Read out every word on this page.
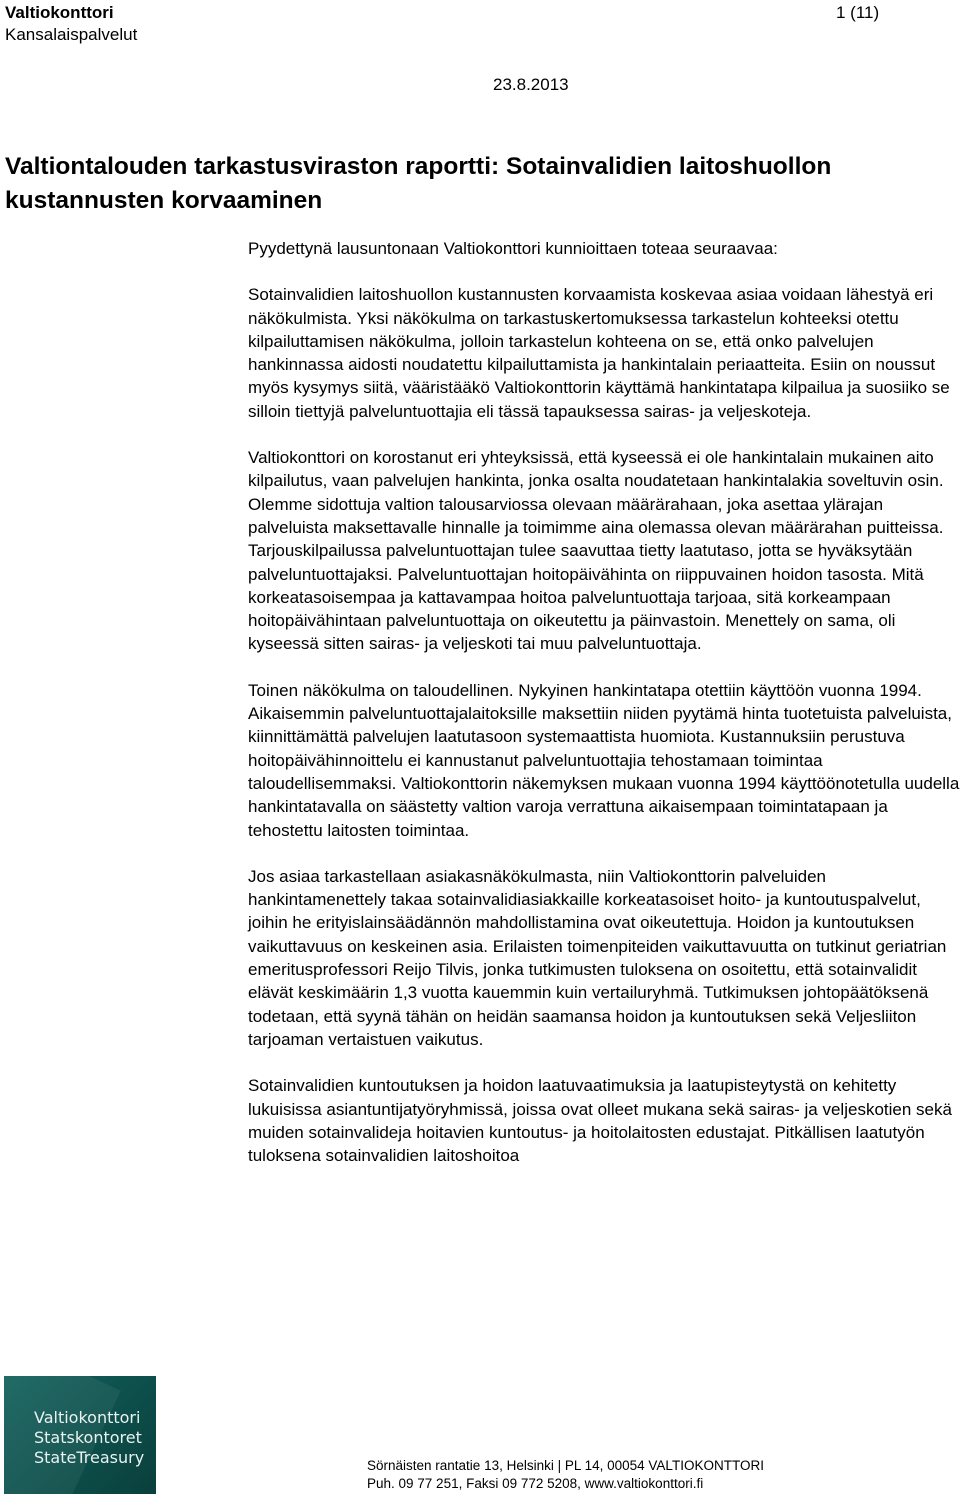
Valtiokonttori
Kansalaispalvelut
1 (11)
23.8.2013
Valtiontalouden tarkastusviraston raportti: Sotainvalidien laitoshuollon kustannusten korvaaminen

Pyydettynä lausuntonaan Valtiokonttori kunnioittaen toteaa seuraavaa:

Sotainvalidien laitoshuollon kustannusten korvaamista koskevaa asiaa voidaan lähestyä eri näkökulmista. Yksi näkökulma on tarkastuskertomuksessa tarkastelun kohteeksi otettu kilpailuttamisen näkökulma, jolloin tarkastelun kohteena on se, että onko palvelujen hankinnassa aidosti noudatettu kilpailuttamista ja hankintalain periaatteita. Esiin on noussut myös kysymys siitä, vääristääkö Valtiokonttorin käyttämä hankintatapa kilpailua ja suosiiko se silloin tiettyjä palveluntuottajia eli tässä tapauksessa sairas- ja veljeskoteja.

Valtiokonttori on korostanut eri yhteyksissä, että kyseessä ei ole hankintalain mukainen aito kilpailutus, vaan palvelujen hankinta, jonka osalta noudatetaan hankintalakia soveltuvin osin. Olemme sidottuja valtion talousarviossa olevaan määrärahaan, joka asettaa ylärajan palveluista maksettavalle hinnalle ja toimimme aina olemassa olevan määrärahan puitteissa. Tarjouskilpailussa palveluntuottajan tulee saavuttaa tietty laatutaso, jotta se hyväksytään palveluntuottajaksi. Palveluntuottajan hoitopäivähinta on riippuvainen hoidon tasosta. Mitä korkeatasoisempaa ja kattavampaa hoitoa palveluntuottaja tarjoaa, sitä korkeampaan hoitopäivähintaan palveluntuottaja on oikeutettu ja päinvastoin. Menettely on sama, oli kyseessä sitten sairas- ja veljeskoti tai muu palveluntuottaja.

Toinen näkökulma on taloudellinen. Nykyinen hankintatapa otettiin käyttöön vuonna 1994. Aikaisemmin palveluntuottajalaitoksille maksettiin niiden pyytämä hinta tuotetuista palveluista, kiinnittämättä palvelujen laatutasoon systemaattista huomiota. Kustannuksiin perustuva hoitopäivähinnoittelu ei kannustanut palveluntuottajia tehostamaan toimintaa taloudellisemmaksi. Valtiokonttorin näkemyksen mukaan vuonna 1994 käyttöönotetulla uudella hankintatavalla on säästetty valtion varoja verrattuna aikaisempaan toimintatapaan ja tehostettu laitosten toimintaa.

Jos asiaa tarkastellaan asiakasnäkökulmasta, niin Valtiokonttorin palveluiden hankintamenettely takaa sotainvalidiasiakkaille korkeatasoiset hoito- ja kuntoutuspalvelut, joihin he erityislainsäädännön mahdollistamina ovat oikeutettuja. Hoidon ja kuntoutuksen vaikuttavuus on keskeinen asia. Erilaisten toimenpiteiden vaikuttavuutta on tutkinut geriatrian emeritusprofessori Reijo Tilvis, jonka tutkimusten tuloksena on osoitettu, että sotainvalidit elävät keskimäärin 1,3 vuotta kauemmin kuin vertailuryhmä. Tutkimuksen johtopäätöksenä todetaan, että syynä tähän on heidän saamansa hoidon ja kuntoutuksen sekä Veljesliiton tarjoaman vertaistuen vaikutus.

Sotainvalidien kuntoutuksen ja hoidon laatuvaatimuksia ja laatupisteytystä on kehitetty lukuisissa asiantuntijatyöryhmissä, joissa ovat olleet mukana sekä sairas- ja veljeskotien sekä muiden sotainvalideja hoitavien kuntoutus- ja hoitolaitosten edustajat. Pitkällisen laatutyön tuloksena sotainvalidien laitoshoitoa

Valtiokonttori
Statskontoret
StateTreasury	Sörnäisten rantatie 13, Helsinki | PL 14, 00054 VALTIOKONTTORI
Puh. 09 77 251, Faksi 09 772 5208, www.valtiokonttori.fi
